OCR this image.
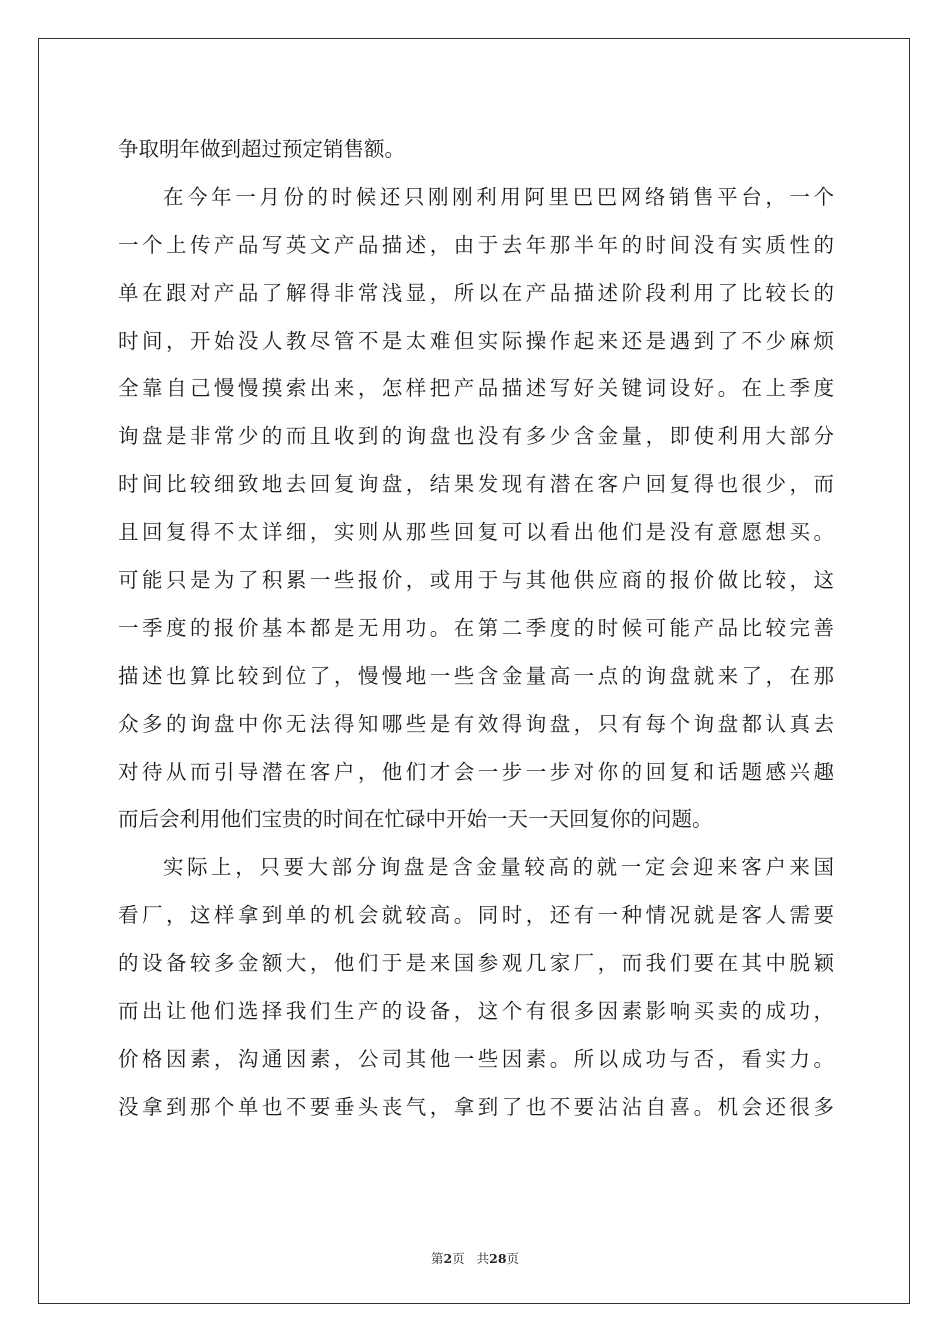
争取明年做到超过预定销售额。
在今年一月份的时候还只刚刚利用阿里巴巴网络销售平台，一个
一个上传产品写英文产品描述，由于去年那半年的时间没有实质性的
单在跟对产品了解得非常浅显，所以在产品描述阶段利用了比较长的
时间，开始没人教尽管不是太难但实际操作起来还是遇到了不少麻烦
全靠自己慢慢摸索出来，怎样把产品描述写好关键词设好。在上季度
询盘是非常少的而且收到的询盘也没有多少含金量，即使利用大部分
时间比较细致地去回复询盘，结果发现有潜在客户回复得也很少，而
且回复得不太详细，实则从那些回复可以看出他们是没有意愿想买。
可能只是为了积累一些报价，或用于与其他供应商的报价做比较，这
一季度的报价基本都是无用功。在第二季度的时候可能产品比较完善
描述也算比较到位了，慢慢地一些含金量高一点的询盘就来了，在那
众多的询盘中你无法得知哪些是有效得询盘，只有每个询盘都认真去
对待从而引导潜在客户，他们才会一步一步对你的回复和话题感兴趣
而后会利用他们宝贵的时间在忙碌中开始一天一天回复你的问题。
实际上，只要大部分询盘是含金量较高的就一定会迎来客户来国
看厂，这样拿到单的机会就较高。同时，还有一种情况就是客人需要
的设备较多金额大，他们于是来国参观几家厂，而我们要在其中脱颖
而出让他们选择我们生产的设备，这个有很多因素影响买卖的成功，
价格因素，沟通因素，公司其他一些因素。所以成功与否，看实力。
没拿到那个单也不要垂头丧气，拿到了也不要沾沾自喜。机会还很多
第2页 共28页
